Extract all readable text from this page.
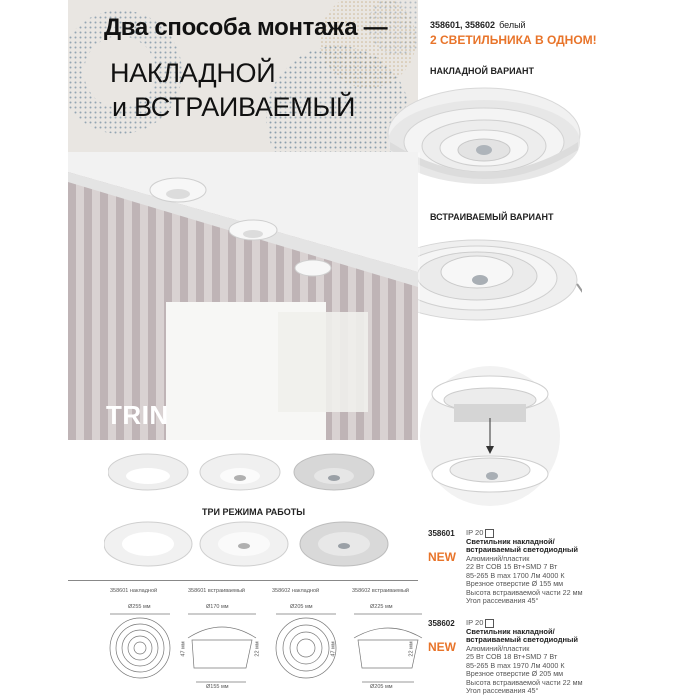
Два способа монтажа —
НАКЛАДНОЙ
и ВСТРАИВАЕМЫЙ
358601, 358602 белый
2 СВЕТИЛЬНИКА В ОДНОМ!
НАКЛАДНОЙ ВАРИАНТ
ВСТРАИВАЕМЫЙ ВАРИАНТ
TRIN
ТРИ РЕЖИМА РАБОТЫ
358601 накладной	358601 встраиваемый	358602 накладной	358602 встраиваемый
Ø255 мм	Ø170 мм	Ø205 мм	Ø225 мм
Ø155 мм	Ø205 мм
47 мм	22 мм	47 мм	22 мм
358601
NEW
IP 20
Светильник накладной/
встраиваемый светодиодный
Алюминий/пластик
22 Вт COB 15 Вт+SMD 7 Вт
85-265 В max 1700 Лм 4000 К
Врезное отверстие Ø 155 мм
Высота встраиваемой части 22 мм
Угол рассеивания 45°
358602
NEW
IP 20
Светильник накладной/
встраиваемый светодиодный
Алюминий/пластик
25 Вт COB 18 Вт+SMD 7 Вт
85-265 В max 1970 Лм 4000 К
Врезное отверстие Ø 205 мм
Высота встраиваемой части 22 мм
Угол рассеивания 45°
